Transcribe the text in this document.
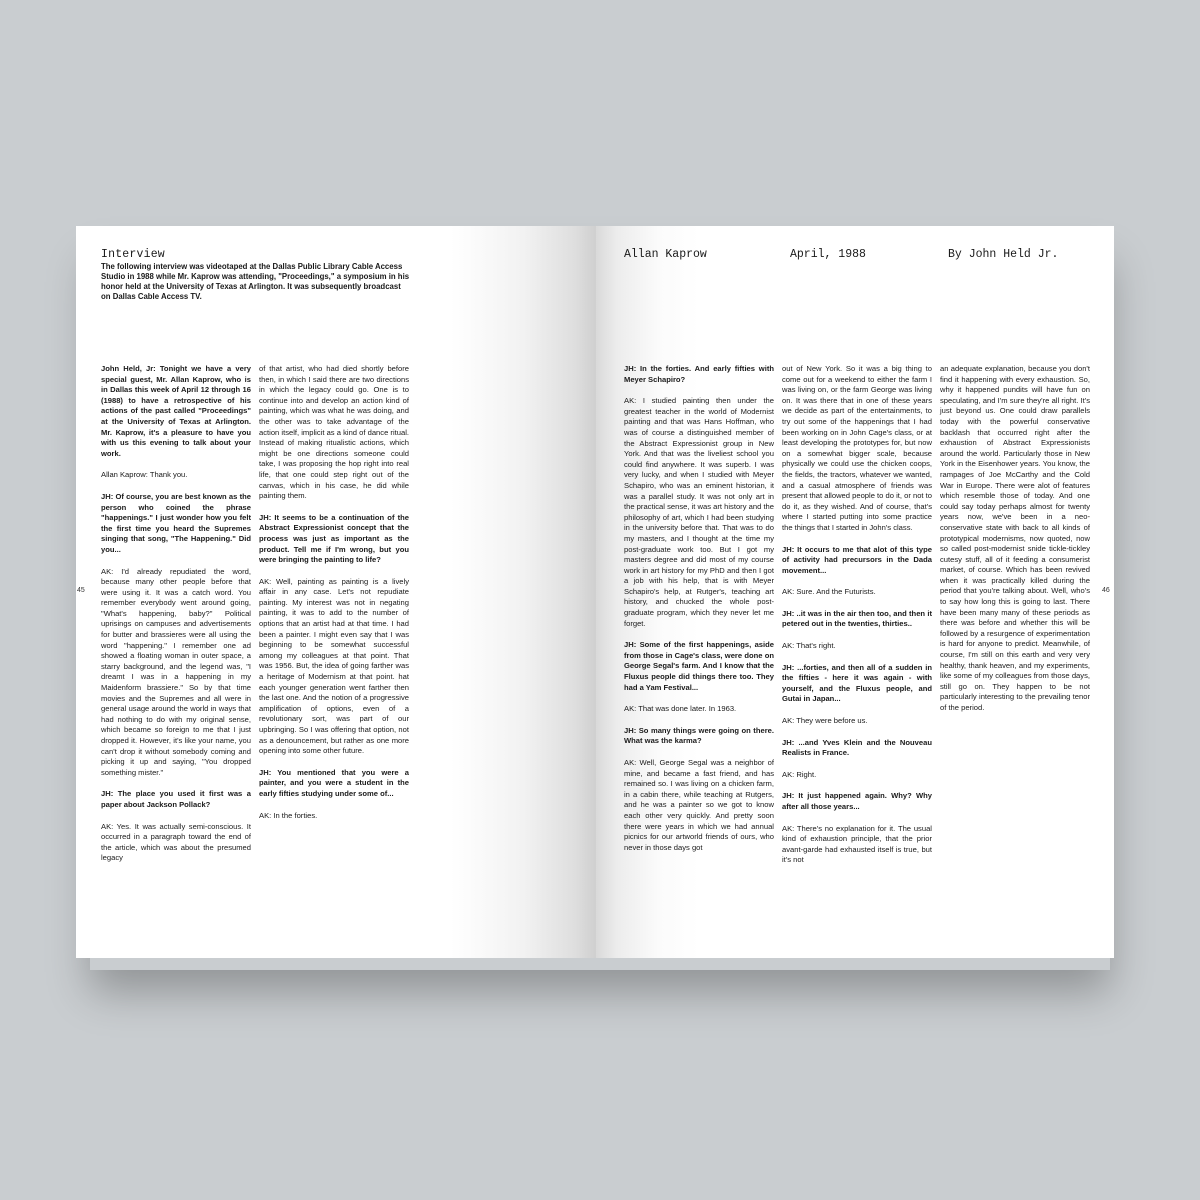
Interview
The following interview was videotaped at the Dallas Public Library Cable Access Studio in 1988 while Mr. Kaprow was attending, "Proceedings," a symposium in his honor held at the University of Texas at Arlington. It was subsequently broadcast on Dallas Cable Access TV.

John Held, Jr: Tonight we have a very special guest, Mr. Allan Kaprow, who is in Dallas this week of April 12 through 16 (1988) to have a retrospective of his actions of the past called "Proceedings" at the University of Texas at Arlington. Mr. Kaprow, it's a pleasure to have you with us this evening to talk about your work.

Allan Kaprow: Thank you.

JH: Of course, you are best known as the person who coined the phrase "happenings." I just wonder how you felt the first time you heard the Supremes singing that song, "The Happening." Did you...

AK: I'd already repudiated the word, because many other people before that were using it. It was a catch word. You remember everybody went around going, "What's happening, baby?" Political uprisings on campuses and advertisements for butter and brassieres were all using the word "happening." I remember one ad showed a floating woman in outer space, a starry background, and the legend was, "I dreamt I was in a happening in my Maidenform brassiere." So by that time movies and the Supremes and all were in general usage around the world in ways that had nothing to do with my original sense, which became so foreign to me that I just dropped it. However, it's like your name, you can't drop it without somebody coming and picking it up and saying, "You dropped something mister."

JH: The place you used it first was a paper about Jackson Pollack?

AK: Yes. It was actually semi-conscious. It occurred in a paragraph toward the end of the article, which was about the presumed legacy

of that artist, who had died shortly before then, in which I said there are two directions in which the legacy could go. One is to continue into and develop an action kind of painting, which was what he was doing, and the other was to take advantage of the action itself, implicit as a kind of dance ritual. Instead of making ritualistic actions, which might be one directions someone could take, I was proposing the hop right into real life, that one could step right out of the canvas, which in his case, he did while painting them.

JH: It seems to be a continuation of the Abstract Expressionist concept that the process was just as important as the product. Tell me if I'm wrong, but you were bringing the painting to life?

AK: Well, painting as painting is a lively affair in any case. Let's not repudiate painting. My interest was not in negating painting, it was to add to the number of options that an artist had at that time. I had been a painter. I might even say that I was beginning to be somewhat successful among my colleagues at that point. That was 1956. But, the idea of going farther was a heritage of Modernism at that point. hat each younger generation went farther then the last one. And the notion of a progressive amplification of options, even of a revolutionary sort, was part of our upbringing. So I was offering that option, not as a denouncement, but rather as one more opening into some other future.

JH: You mentioned that you were a painter, and you were a student in the early fifties studying under some of...

AK: In the forties.

Allan Kaprow	April, 1988	By John Held Jr.

JH: In the forties. And early fifties with Meyer Schapiro?

AK: I studied painting then under the greatest teacher in the world of Modernist painting and that was Hans Hoffman, who was of course a distinguished member of the Abstract Expressionist group in New York. And that was the liveliest school you could find anywhere. It was superb. I was very lucky, and when I studied with Meyer Schapiro, who was an eminent historian, it was a parallel study. It was not only art in the practical sense, it was art history and the philosophy of art, which I had been studying in the university before that. That was to do my masters, and I thought at the time my post-graduate work too. But I got my masters degree and did most of my course work in art history for my PhD and then I got a job with his help, that is with Meyer Schapiro's help, at Rutger's, teaching art history, and chucked the whole post-graduate program, which they never let me forget.

JH: Some of the first happenings, aside from those in Cage's class, were done on George Segal's farm. And I know that the Fluxus people did things there too. They had a Yam Festival...

AK: That was done later. In 1963.

JH: So many things were going on there. What was the karma?

AK: Well, George Segal was a neighbor of mine, and became a fast friend, and has remained so. I was living on a chicken farm, in a cabin there, while teaching at Rutgers, and he was a painter so we got to know each other very quickly. And pretty soon there were years in which we had annual picnics for our artworld friends of ours, who never in those days got

out of New York. So it was a big thing to come out for a weekend to either the farm I was living on, or the farm George was living on. It was there that in one of these years we decide as part of the entertainments, to try out some of the happenings that I had been working on in John Cage's class, or at least developing the prototypes for, but now on a somewhat bigger scale, because physically we could use the chicken coops, the fields, the tractors, whatever we wanted, and a casual atmosphere of friends was present that allowed people to do it, or not to do it, as they wished. And of course, that's where I started putting into some practice the things that I started in John's class.

JH: It occurs to me that alot of this type of activity had precursors in the Dada movement...

AK: Sure. And the Futurists.

JH: ..it was in the air then too, and then it petered out in the twenties, thirties..

AK: That's right.

JH: ...forties, and then all of a sudden in the fifties - here it was again - with yourself, and the Fluxus people, and Gutai in Japan...

AK: They were before us.

JH: ...and Yves Klein and the Nouveau Realists in France.

AK: Right.

JH: It just happened again. Why? Why after all those years...

AK: There's no explanation for it. The usual kind of exhaustion principle, that the prior avant-garde had exhausted itself is true, but it's not

an adequate explanation, because you don't find it happening with every exhaustion. So, why it happened pundits will have fun on speculating, and I'm sure they're all right. It's just beyond us. One could draw parallels today with the powerful conservative backlash that occurred right after the exhaustion of Abstract Expressionists around the world. Particularly those in New York in the Eisenhower years. You know, the rampages of Joe McCarthy and the Cold War in Europe. There were alot of features which resemble those of today. And one could say today perhaps almost for twenty years now, we've been in a neo-conservative state with back to all kinds of prototypical modernisms, now quoted, now so called post-modernist snide tickle-tickley cutesy stuff, all of it feeding a consumerist market, of course. Which has been revived when it was practically killed during the period that you're talking about. Well, who's to say how long this is going to last. There have been many many of these periods as there was before and whether this will be followed by a resurgence of experimentation is hard for anyone to predict. Meanwhile, of course, I'm still on this earth and very very healthy, thank heaven, and my experiments, like some of my colleagues from those days, still go on. They happen to be not particularly interesting to the prevailing tenor of the period.

45	46
